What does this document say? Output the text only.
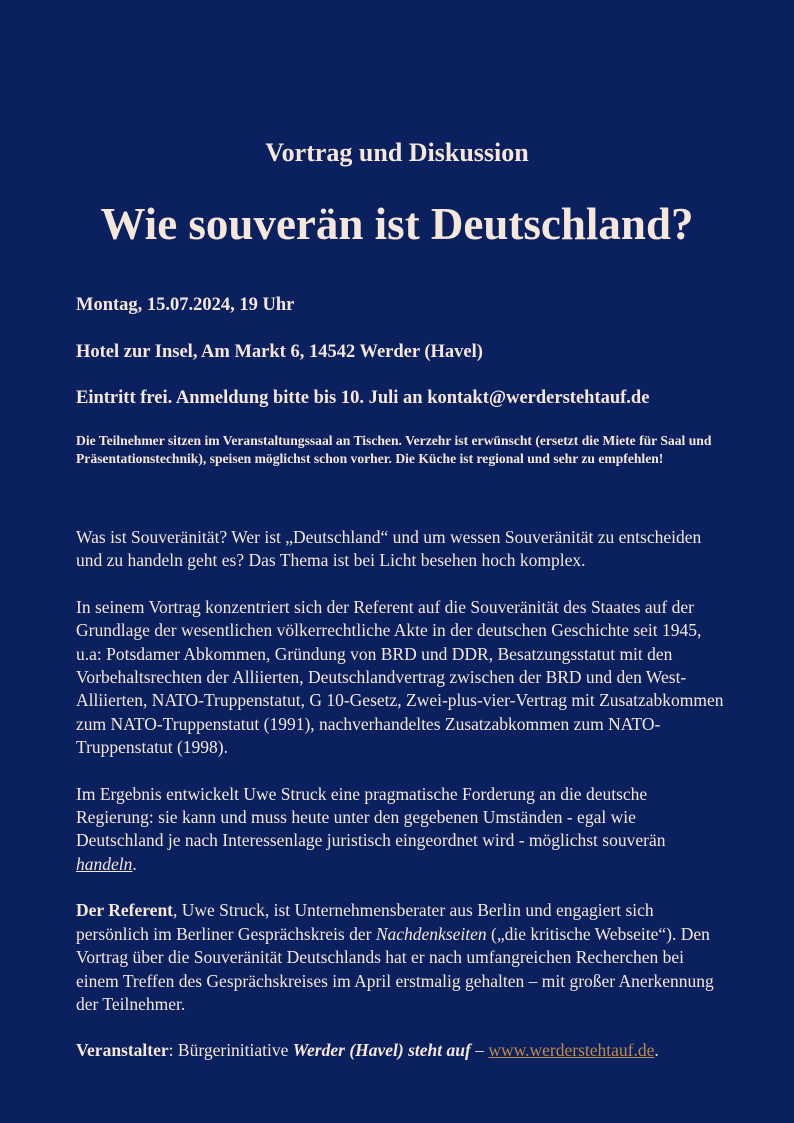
Vortrag und Diskussion
Wie souverän ist Deutschland?
Montag, 15.07.2024, 19 Uhr
Hotel zur Insel, Am Markt 6, 14542 Werder (Havel)
Eintritt frei. Anmeldung bitte bis 10. Juli an kontakt@werderstehtauf.de
Die Teilnehmer sitzen im Veranstaltungssaal an Tischen. Verzehr ist erwünscht (ersetzt die Miete für Saal und Präsentationstechnik), speisen möglichst schon vorher. Die Küche ist regional und sehr zu empfehlen!

Was ist Souveränität? Wer ist „Deutschland“ und um wessen Souveränität zu entscheiden und zu handeln geht es? Das Thema ist bei Licht besehen hoch komplex.

In seinem Vortrag konzentriert sich der Referent auf die Souveränität des Staates auf der Grundlage der wesentlichen völkerrechtliche Akte in der deutschen Geschichte seit 1945, u.a: Potsdamer Abkommen, Gründung von BRD und DDR, Besatzungsstatut mit den Vorbehaltsrechten der Alliierten, Deutschlandvertrag zwischen der BRD und den West-Alliierten, NATO-Truppenstatut, G 10-Gesetz, Zwei-plus-vier-Vertrag mit Zusatzabkommen zum NATO-Truppenstatut (1991), nachverhandeltes Zusatzabkommen zum NATO-Truppenstatut (1998).

Im Ergebnis entwickelt Uwe Struck eine pragmatische Forderung an die deutsche Regierung: sie kann und muss heute unter den gegebenen Umständen - egal wie Deutschland je nach Interessenlage juristisch eingeordnet wird - möglichst souverän handeln.

Der Referent, Uwe Struck, ist Unternehmensberater aus Berlin und engagiert sich persönlich im Berliner Gesprächskreis der Nachdenkseiten („die kritische Webseite“). Den Vortrag über die Souveränität Deutschlands hat er nach umfangreichen Recherchen bei einem Treffen des Gesprächskreises im April erstmalig gehalten – mit großer Anerkennung der Teilnehmer.

Veranstalter: Bürgerinitiative Werder (Havel) steht auf – www.werderstehtauf.de.
